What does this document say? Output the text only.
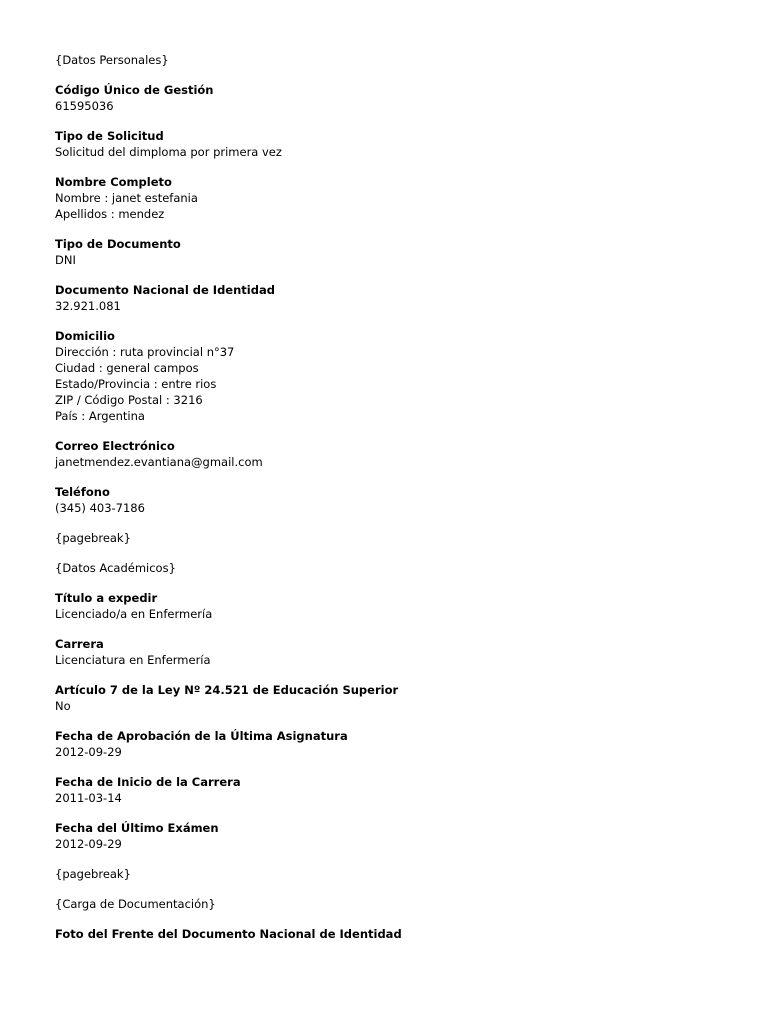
{Datos Personales}

Código Único de Gestión

61595036

Tipo de Solicitud

Solicitud del dimploma por primera vez

Nombre Completo

Nombre : janet estefania

Apellidos : mendez

Tipo de Documento

DNI

Documento Nacional de Identidad

32.921.081

Domicilio

Dirección : ruta provincial n°37

Ciudad : general campos

Estado/Provincia : entre rios

ZIP / Código Postal : 3216

País : Argentina

Correo Electrónico

janetmendez.evantiana@gmail.com

Teléfono

(345) 403-7186

{pagebreak}

{Datos Académicos}

Título a expedir

Licenciado/a en Enfermería

Carrera

Licenciatura en Enfermería

Artículo 7 de la Ley Nº 24.521 de Educación Superior

No

Fecha de Aprobación de la Última Asignatura

2012-09-29

Fecha de Inicio de la Carrera

2011-03-14

Fecha del Último Exámen

2012-09-29

{pagebreak}

{Carga de Documentación}

Foto del Frente del Documento Nacional de Identidad
